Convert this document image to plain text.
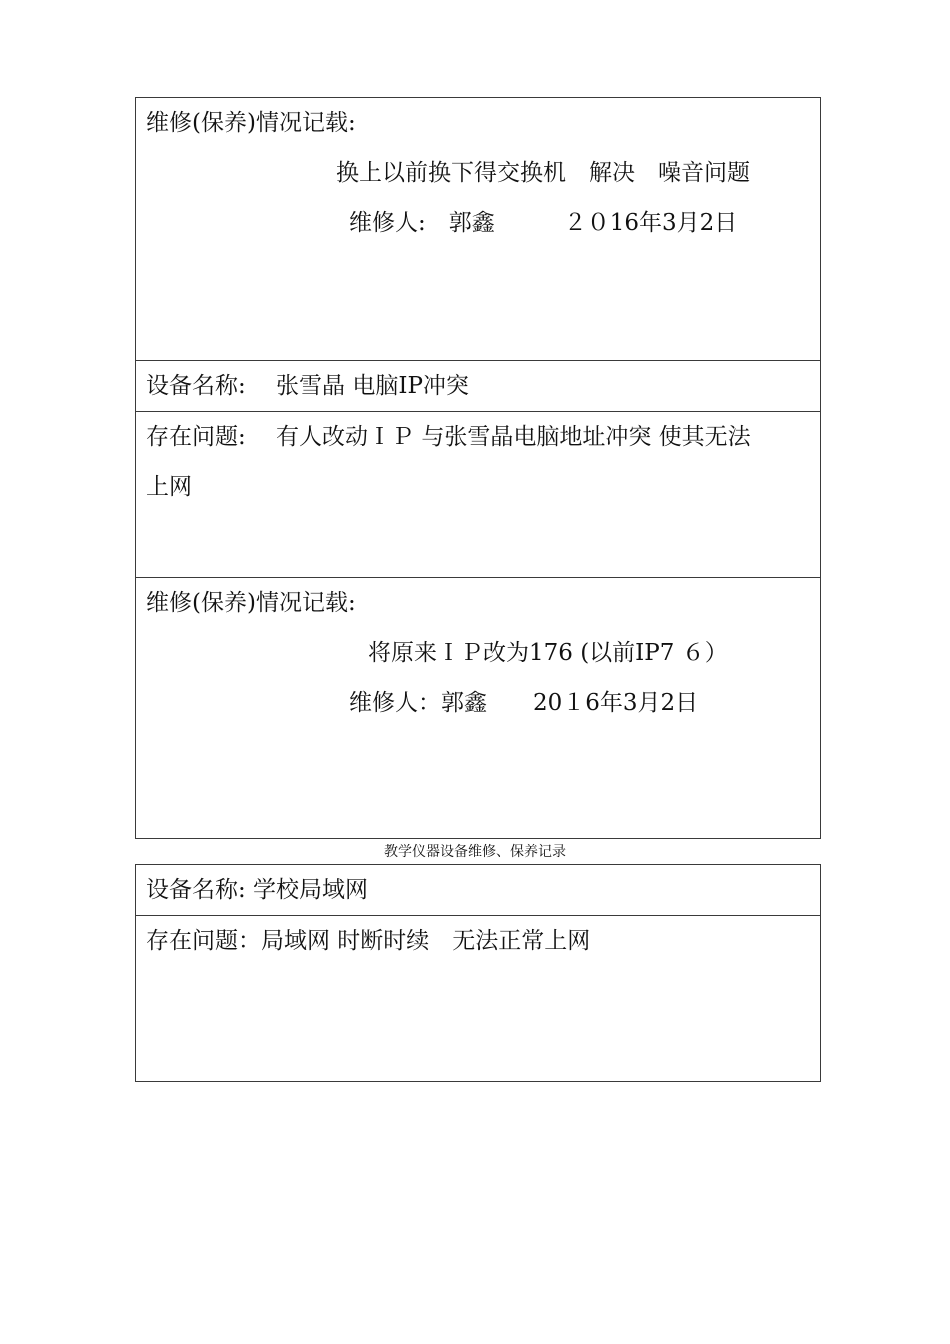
维修(保养)情况记载:
换上以前换下得交换机　解决　噪音问题
维修人:　郭鑫　　　２０16年3月2日
设备名称:　 张雪晶 电脑IP冲突
存在问题:　 有人改动ＩＰ 与张雪晶电脑地址冲突 使其无法
上网
维修(保养)情况记载:
将原来ＩＰ改为176 (以前IP7 ６）
维修人：郭鑫　　20１6年3月2日
教学仪器设备维修、保养记录
设备名称: 学校局域网
存在问题：局域网 时断时续　无法正常上网
